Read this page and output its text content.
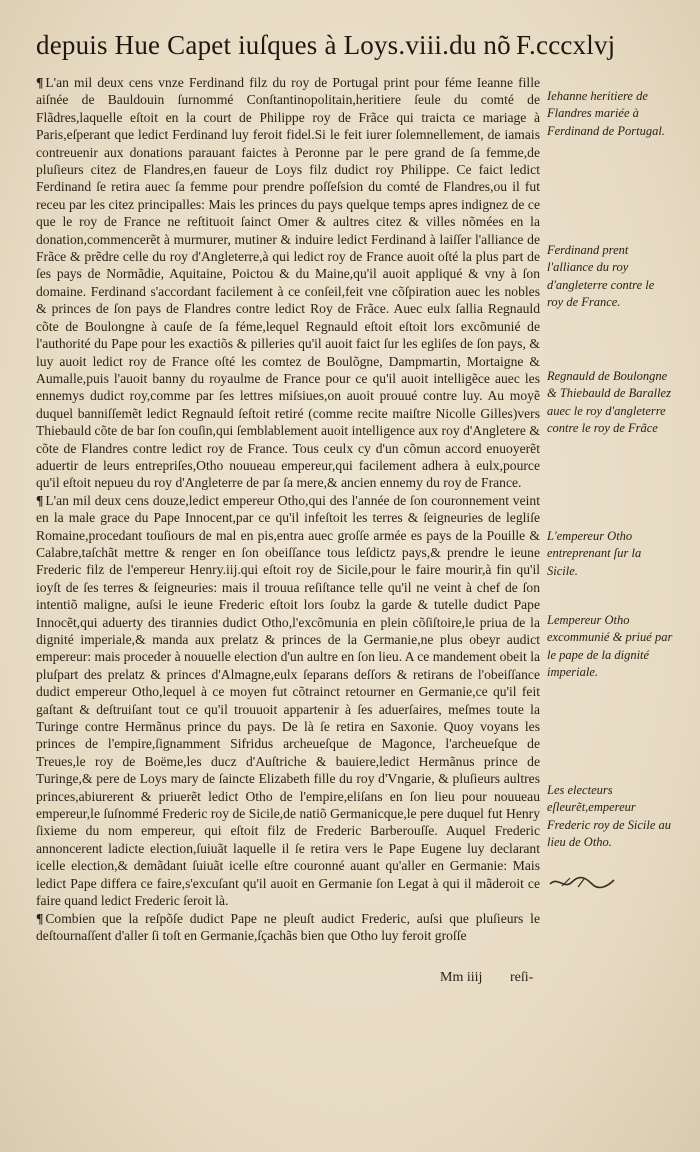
depuis Hue Capet iuſques à Loys.viii.du nõ F.cccxlvj

¶ L'an mil deux cens vnze Ferdinand filz du roy de Portugal print pour féme Ieanne fille aiſnée de Bauldouin ſurnommé Conſtantinopolitain,heritiere ſeule du comté de Flãdres,laquelle eſtoit en la court de Philippe roy de Frãce qui traicta ce mariage à Paris,eſperant que ledict Ferdinand luy feroit fidel.Si le feit iurer ſolemnellement, de iamais contreuenir aux donations parauant faictes à Peronne par le pere grand de ſa femme,de pluſieurs citez de Flandres,en faueur de Loys filz dudict roy Philippe. Ce faict ledict Ferdinand ſe retira auec ſa femme pour prendre poſſeſsion du comté de Flandres,ou il fut receu par les citez principalles: Mais les princes du pays quelque temps apres indignez de ce que le roy de France ne reſtituoit ſainct Omer & aultres citez & villes nõmées en la donation,commencerẽt à murmurer, mutiner & induire ledict Ferdinand à laiſſer l'alliance de Frãce & prẽdre celle du roy d'Angleterre,à qui ledict roy de France auoit oſté la plus part de ſes pays de Normãdie, Aquitaine, Poictou & du Maine,qu'il auoit appliqué & vny à ſon domaine. Ferdinand s'accordant facilement à ce conſeil,feit vne cõſpiration auec les nobles & princes de ſon pays de Flandres contre ledict Roy de Frãce. Auec eulx ſallia Regnauld cõte de Boulongne à cauſe de ſa féme,lequel Regnauld eſtoit eſtoit lors excõmunié de l'authorité du Pape pour les exactiõs & pilleries qu'il auoit faict ſur les egliſes de ſon pays, & luy auoit ledict roy de France oſté les comtez de Boulõgne, Dampmartin, Mortaigne & Aumalle,puis l'auoit banny du royaulme de France pour ce qu'il auoit intelligẽce auec les ennemys dudict roy,comme par ſes lettres miſsiues,on auoit prouué contre luy. Au moyẽ duquel banniſſemẽt ledict Regnauld ſeſtoit retiré (comme recite maiſtre Nicolle Gilles)vers Thiebauld cõte de bar ſon couſin,qui ſemblablement auoit intelligence aux roy d'Angletere & cõte de Flandres contre ledict roy de France. Tous ceulx cy d'un cõmun accord enuoyerẽt aduertir de leurs entrepriſes,Otho nouueau empereur,qui facilement adhera à eulx,pource qu'il eſtoit nepueu du roy d'Angleterre de par ſa mere,& ancien ennemy du roy de France.

¶ L'an mil deux cens douze,ledict empereur Otho,qui des l'année de ſon couronnement veint en la male grace du Pape Innocent,par ce qu'il infeſtoit les terres & ſeigneuries de legliſe Romaine,procedant touſiours de mal en pis,entra auec groſſe armée es pays de la Pouille & Calabre,taſchãt mettre & renger en ſon obeiſſance tous leſdictz pays,& prendre le ieune Frederic filz de l'empereur Henry.iij.qui eſtoit roy de Sicile,pour le faire mourir,à fin qu'il ioyſt de ſes terres & ſeigneuries: mais il trouua reſiſtance telle qu'il ne veint à chef de ſon intentiõ maligne, auſsi le ieune Frederic eſtoit lors ſoubz la garde & tutelle dudict Pape Innocẽt,qui aduerty des tirannies dudict Otho,l'excõmunia en plein cõſiſtoire,le priua de la dignité imperiale,& manda aux prelatz & princes de la Germanie,ne plus obeyr audict empereur: mais proceder à nouuelle election d'un aultre en ſon lieu. A ce mandement obeit la pluſpart des prelatz & princes d'Almagne,eulx ſeparans deſſors & retirans de l'obeiſſance dudict empereur Otho,lequel à ce moyen fut cõtrainct retourner en Germanie,ce qu'il feit gaſtant & deſtruiſant tout ce qu'il trouuoit appartenir à ſes aduerſaires, meſmes toute la Turinge contre Hermãnus prince du pays. De là ſe retira en Saxonie. Quoy voyans les princes de l'empire,ſignamment Sifridus archeueſque de Magonce, l'archeueſque de Treues,le roy de Boëme,les ducz d'Auſtriche & bauiere,ledict Hermãnus prince de Turinge,& pere de Loys mary de ſaincte Elizabeth fille du roy d'Vngarie, & pluſieurs aultres princes,abiurerent & priuerẽt ledict Otho de l'empire,eliſans en ſon lieu pour nouueau empereur,le ſuſnommé Frederic roy de Sicile,de natiõ Germanicque,le pere duquel fut Henry ſixieme du nom empereur, qui eſtoit filz de Frederic Barberouſſe. Auquel Frederic annoncerent ladicte election,ſuiuãt laquelle il ſe retira vers le Pape Eugene luy declarant icelle election,& demãdant ſuiuãt icelle eſtre couronné auant qu'aller en Germanie: Mais ledict Pape differa ce faire,s'excuſant qu'il auoit en Germanie ſon Legat à qui il mãderoit ce faire quand ledict Frederic ſeroit là.

¶ Combien que la reſpõſe dudict Pape ne pleuſt audict Frederic, auſsi que pluſieurs le deſtournaſſent d'aller ſi toſt en Germanie,ſçachãs bien que Otho luy feroit groſſe

Iehanne heritiere de Flandres mariée à Ferdinand de Portugal.
Ferdinand prent l'alliance du roy d'angleterre contre le roy de France.
Regnauld de Boulongne & Thiebauld de Barallez auec le roy d'angleterre contre le roy de Frãce
L'empereur Otho entreprenant ſur la Sicile.
Lempereur Otho excommunié & priué par le pape de la dignité imperiale.
Les electeurs eſleurẽt,empereur Frederic roy de Sicile au lieu de Otho.
Mm iiij reſi-
